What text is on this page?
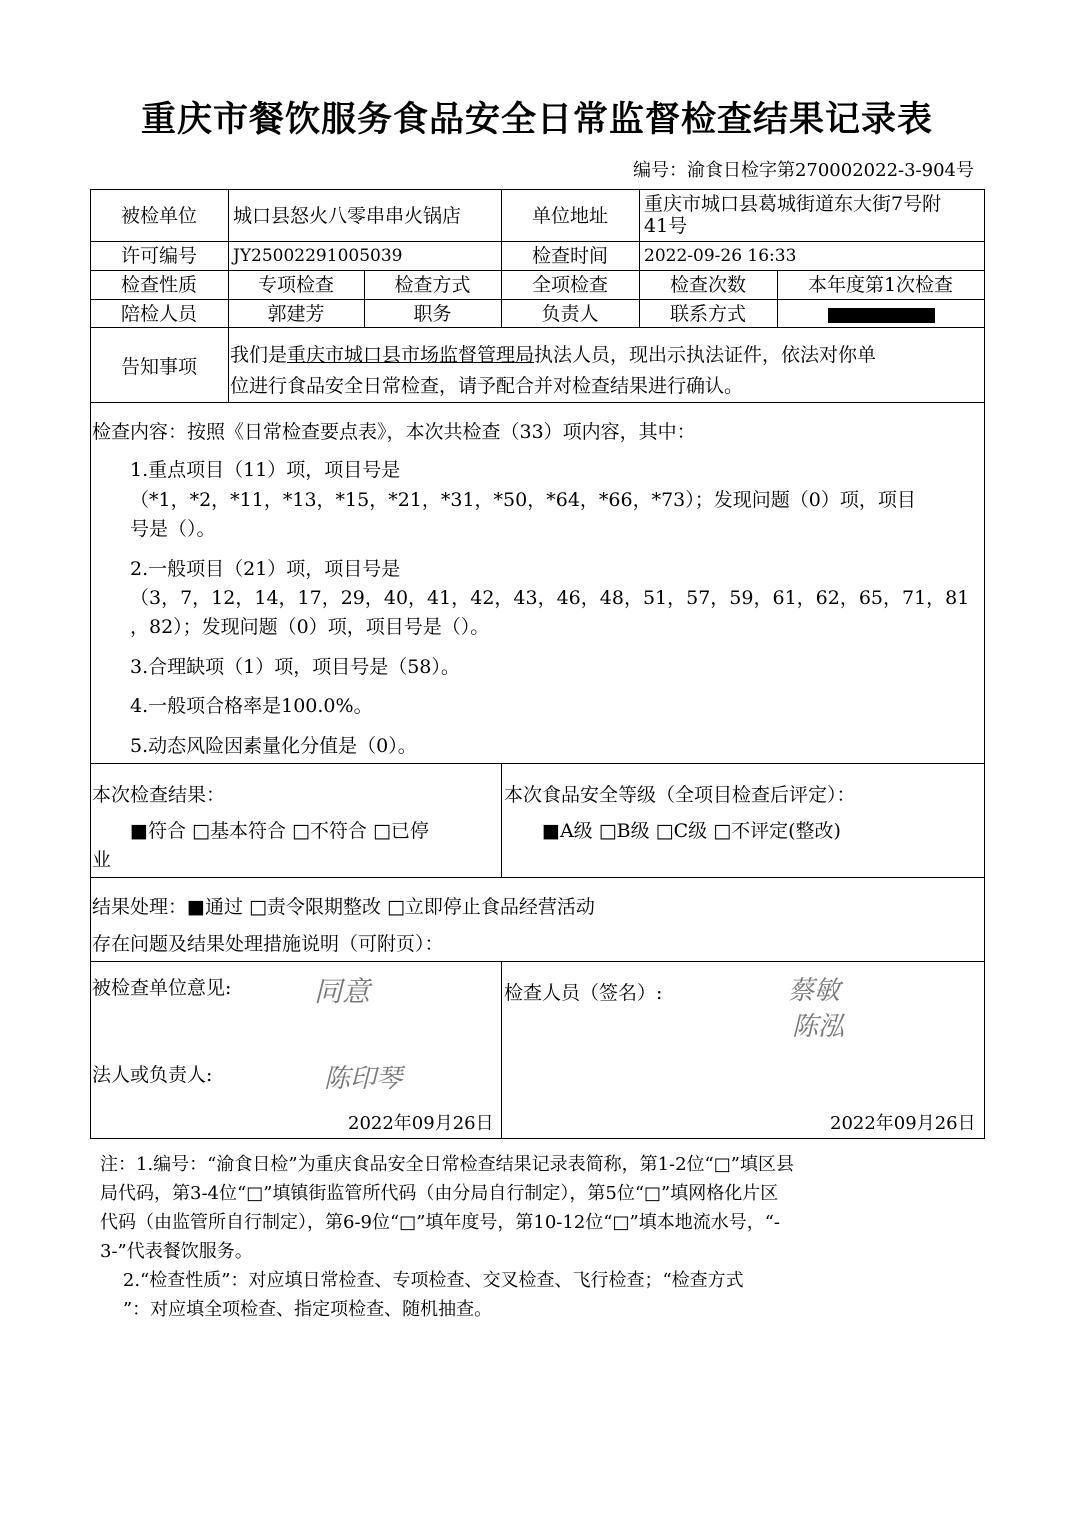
重庆市餐饮服务食品安全日常监督检查结果记录表
编号：渝食日检字第270002022-3-904号
被检单位	城口县怒火八零串串火锅店	单位地址
重庆市城口县葛城街道东大街7号附
41号
许可编号	JY25002291005039	检查时间	2022-09-26 16:33
检查性质	专项检查	检查方式	全项检查	检查次数	本年度第1次检查
陪检人员	郭建芳	职务	负责人	联系方式
告知事项
我们是重庆市城口县市场监督管理局执法人员，现出示执法证件，依法对你单
位进行食品安全日常检查，请予配合并对检查结果进行确认。
检查内容：按照《日常检查要点表》，本次共检查（33）项内容，其中：
1.重点项目（11）项，项目号是
（*1，*2，*11，*13，*15，*21，*31，*50，*64，*66，*73）；发现问题（0）项，项目
号是（）。
2.一般项目（21）项，项目号是
（3，7，12，14，17，29，40，41，42，43，46，48，51，57，59，61，62，65，71，81
，82）；发现问题（0）项，项目号是（）。
3.合理缺项（1）项，项目号是（58）。
4.一般项合格率是100.0%。
5.动态风险因素量化分值是（0）。
本次检查结果：
■符合 □基本符合 □不符合 □已停
业
本次食品安全等级（全项目检查后评定）：
■A级 □B级 □C级 □不评定(整改)
结果处理：■通过 □责令限期整改 □立即停止食品经营活动
存在问题及结果处理措施说明（可附页）：
被检查单位意见:	同意
法人或负责人:	陈印琴
2022年09月26日
检查人员（签名）:	蔡敏
陈泓
2022年09月26日
注：1.编号：“渝食日检”为重庆食品安全日常检查结果记录表简称，第1-2位“□”填区县
局代码，第3-4位“□”填镇街监管所代码（由分局自行制定），第5位“□”填网格化片区
代码（由监管所自行制定），第6-9位“□”填年度号，第10-12位“□”填本地流水号，“-
3-”代表餐饮服务。
2.“检查性质”：对应填日常检查、专项检查、交叉检查、飞行检查；“检查方式
”：对应填全项检查、指定项检查、随机抽查。
